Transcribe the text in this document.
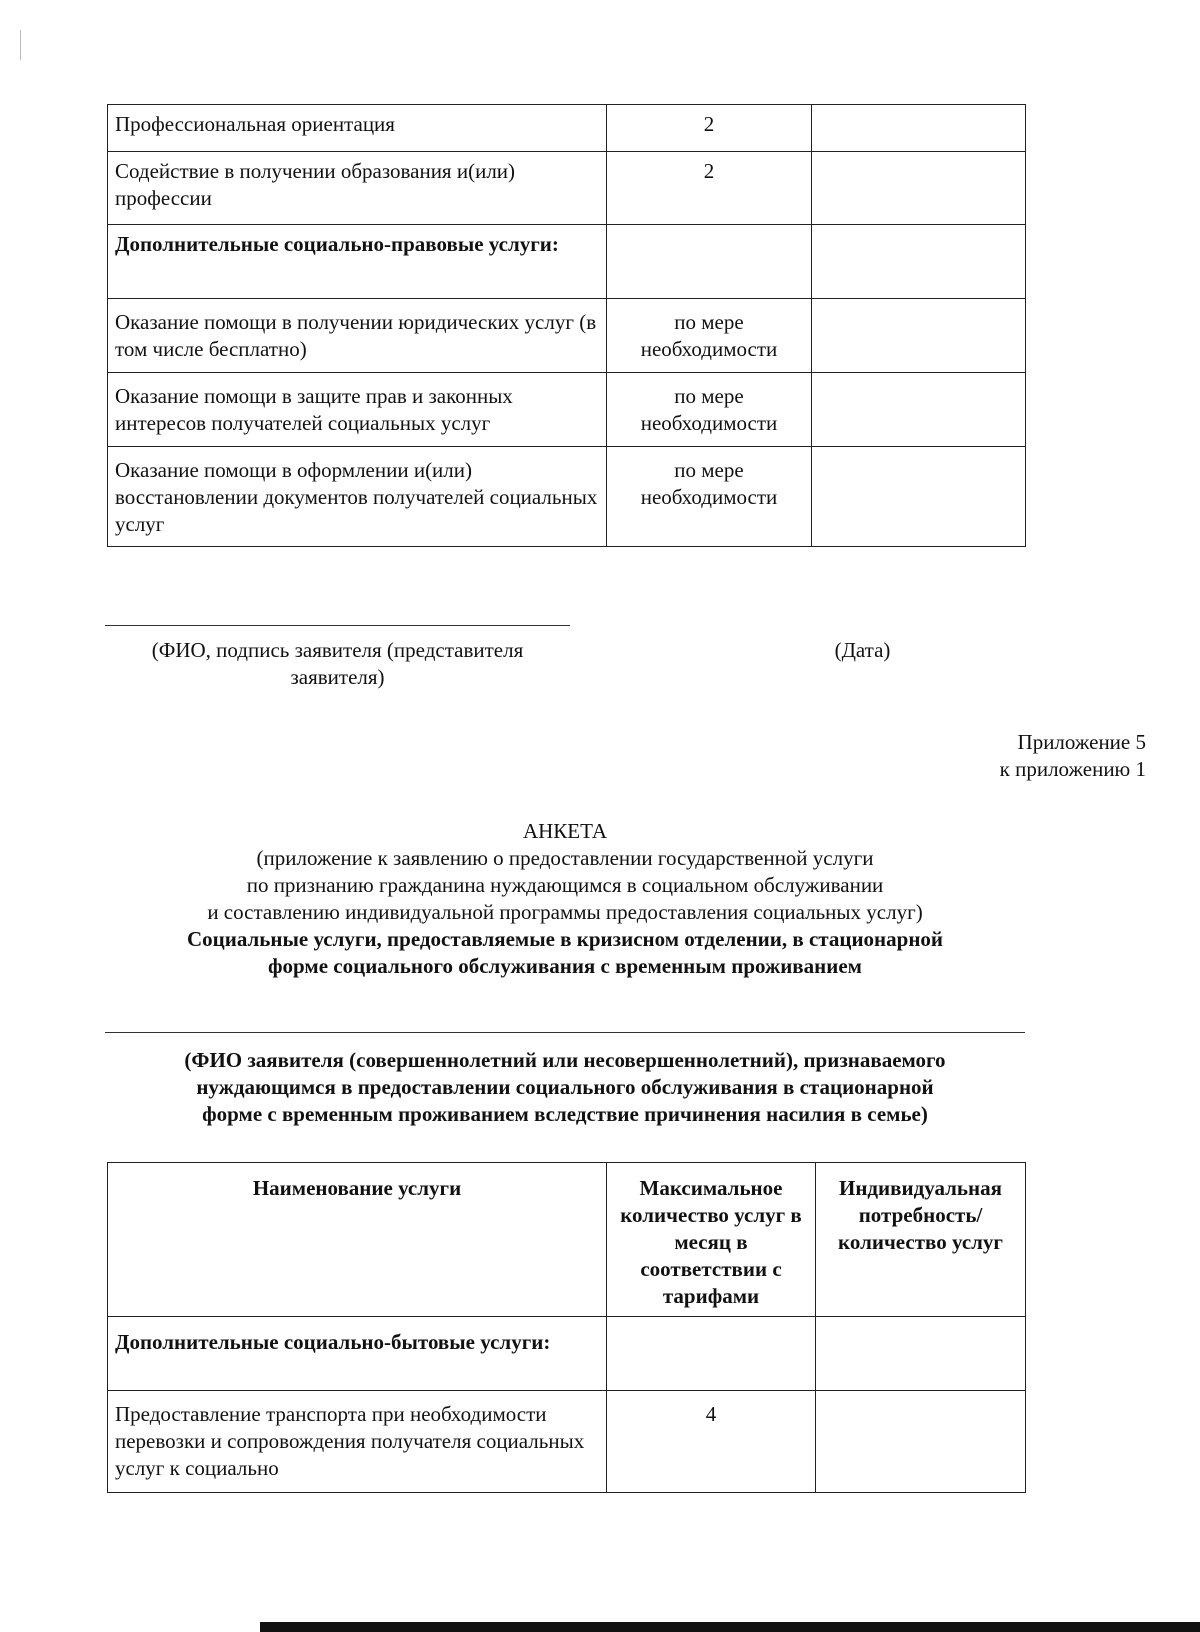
Профессиональная ориентация	2	
Содействие в получении образования и(или) профессии	2	
Дополнительные социально-правовые услуги:		
Оказание помощи в получении юридических услуг (в том числе бесплатно)	по мере необходимости	
Оказание помощи в защите прав и законных интересов получателей социальных услуг	по мере необходимости	
Оказание помощи в оформлении и(или) восстановлении документов получателей социальных услуг	по мере необходимости	
(ФИО, подпись заявителя (представителя
заявителя)
(Дата)
Приложение 5
к приложению 1
АНКЕТА
(приложение к заявлению о предоставлении государственной услуги
по признанию гражданина нуждающимся в социальном обслуживании
и составлению индивидуальной программы предоставления социальных услуг)
Социальные услуги, предоставляемые в кризисном отделении, в стационарной
форме социального обслуживания с временным проживанием
(ФИО заявителя (совершеннолетний или несовершеннолетний), признаваемого
нуждающимся в предоставлении социального обслуживания в стационарной
форме с временным проживанием вследствие причинения насилия в семье)
Наименование услуги	Максимальное количество услуг в месяц в соответствии с тарифами	Индивидуальная потребность/количество услуг
Дополнительные социально-бытовые услуги:		
Предоставление транспорта при необходимости перевозки и сопровождения получателя социальных услуг к социально	4	
